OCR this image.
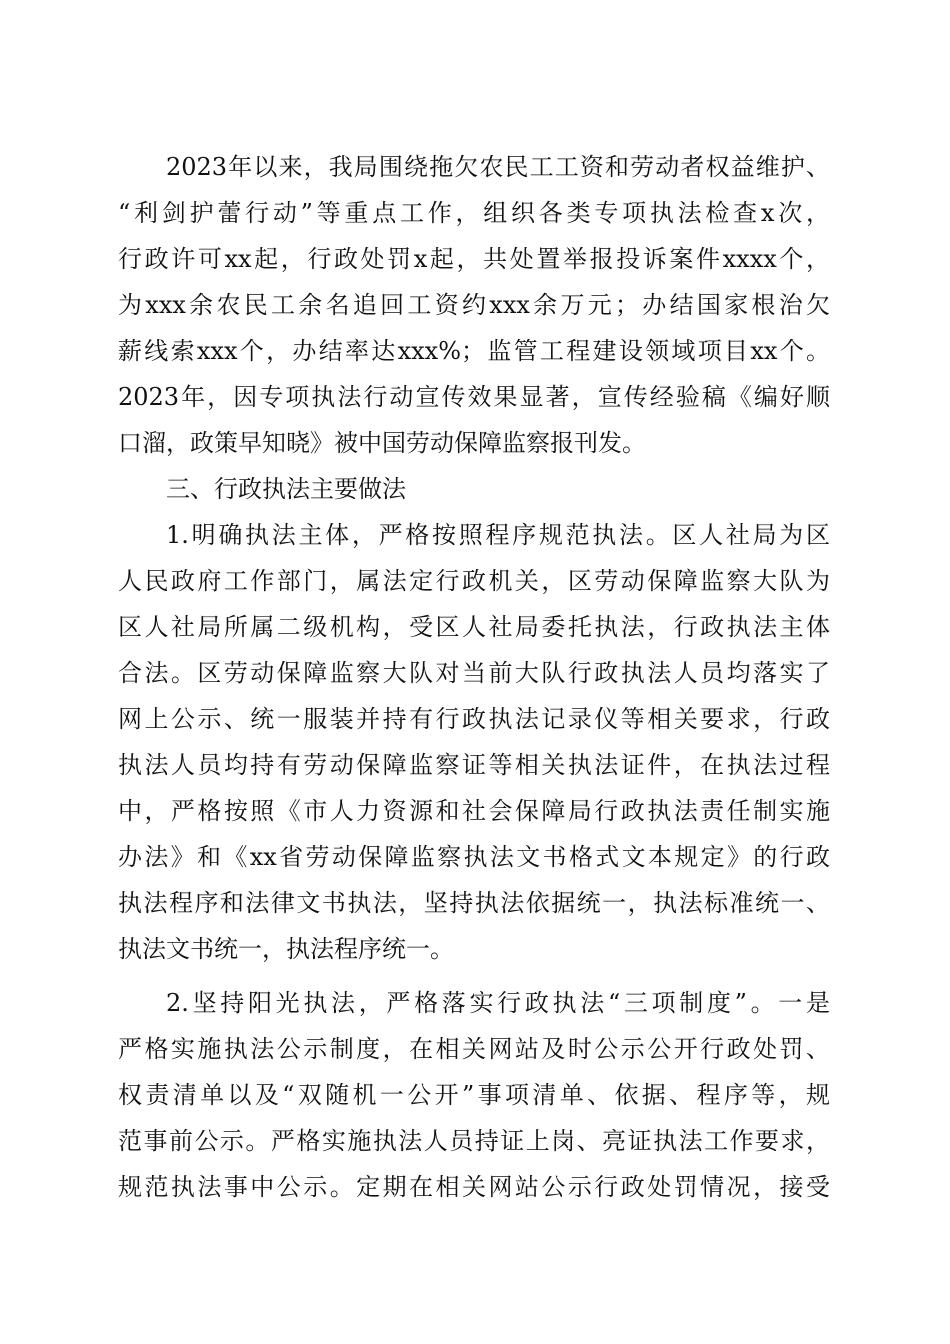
2023年以来，我局围绕拖欠农民工工资和劳动者权益维护、
“利剑护蕾行动”等重点工作，组织各类专项执法检查x次，
行政许可xx起，行政处罚x起，共处置举报投诉案件xxxx个，
为xxx余农民工余名追回工资约xxx余万元；办结国家根治欠
薪线索xxx个，办结率达xxx%；监管工程建设领域项目xx个。
2023年，因专项执法行动宣传效果显著，宣传经验稿《编好顺
口溜，政策早知晓》被中国劳动保障监察报刊发。
三、行政执法主要做法
1.明确执法主体，严格按照程序规范执法。区人社局为区
人民政府工作部门，属法定行政机关，区劳动保障监察大队为
区人社局所属二级机构，受区人社局委托执法，行政执法主体
合法。区劳动保障监察大队对当前大队行政执法人员均落实了
网上公示、统一服装并持有行政执法记录仪等相关要求，行政
执法人员均持有劳动保障监察证等相关执法证件，在执法过程
中，严格按照《市人力资源和社会保障局行政执法责任制实施
办法》和《xx省劳动保障监察执法文书格式文本规定》的行政
执法程序和法律文书执法，坚持执法依据统一，执法标准统一、
执法文书统一，执法程序统一。
2.坚持阳光执法，严格落实行政执法“三项制度”。一是
严格实施执法公示制度，在相关网站及时公示公开行政处罚、
权责清单以及“双随机一公开”事项清单、依据、程序等，规
范事前公示。严格实施执法人员持证上岗、亮证执法工作要求，
规范执法事中公示。定期在相关网站公示行政处罚情况，接受
